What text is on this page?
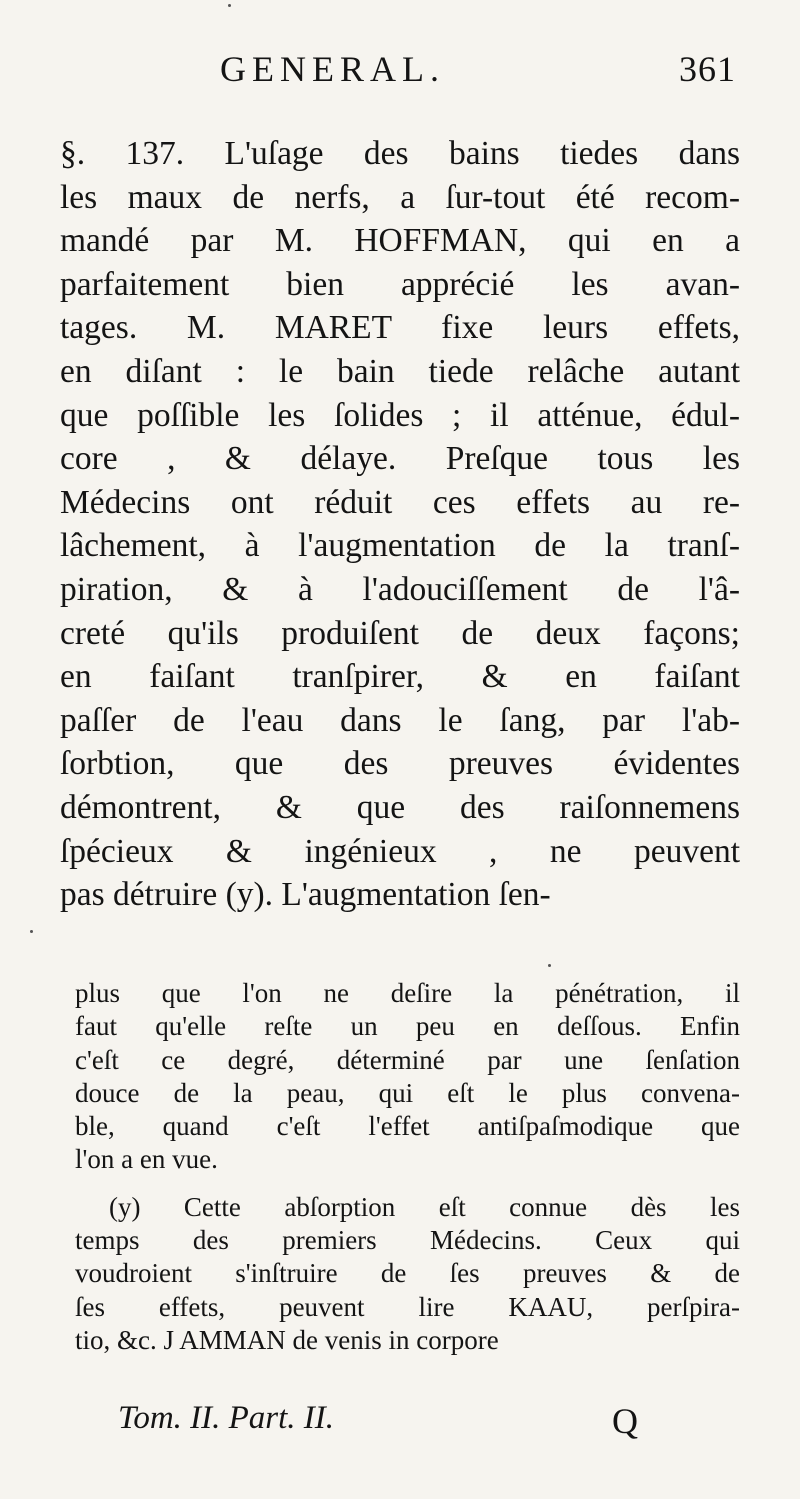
GENERAL.	361
§. 137. L'uſage des bains tiedes dans
les maux de nerfs, a ſur-tout été recom-
mandé par M. HOFFMAN, qui en a
parfaitement bien apprécié les avan-
tages. M. MARET fixe leurs effets,
en diſant : le bain tiede relâche autant
que poſſible les ſolides ; il atténue, édul-
core , & délaye. Preſque tous les
Médecins ont réduit ces effets au re-
lâchement, à l'augmentation de la tranſ-
piration, & à l'adouciſſement de l'â-
creté qu'ils produiſent de deux façons;
en faiſant tranſpirer, & en faiſant
paſſer de l'eau dans le ſang, par l'ab-
ſorbtion, que des preuves évidentes
démontrent, & que des raiſonnemens
ſpécieux & ingénieux , ne peuvent
pas détruire (y). L'augmentation ſen-
plus que l'on ne deſire la pénétration, il
faut qu'elle reſte un peu en deſſous. Enfin
c'eſt ce degré, déterminé par une ſenſation
douce de la peau, qui eſt le plus convena-
ble, quand c'eſt l'effet antiſpaſmodique que
l'on a en vue.
(y) Cette abſorption eſt connue dès les
temps des premiers Médecins. Ceux qui
voudroient s'inſtruire de ſes preuves & de
ſes effets, peuvent lire KAAU, perſpira-
tio, &c. J AMMAN de venis in corpore
Tom. II. Part. II.	Q
